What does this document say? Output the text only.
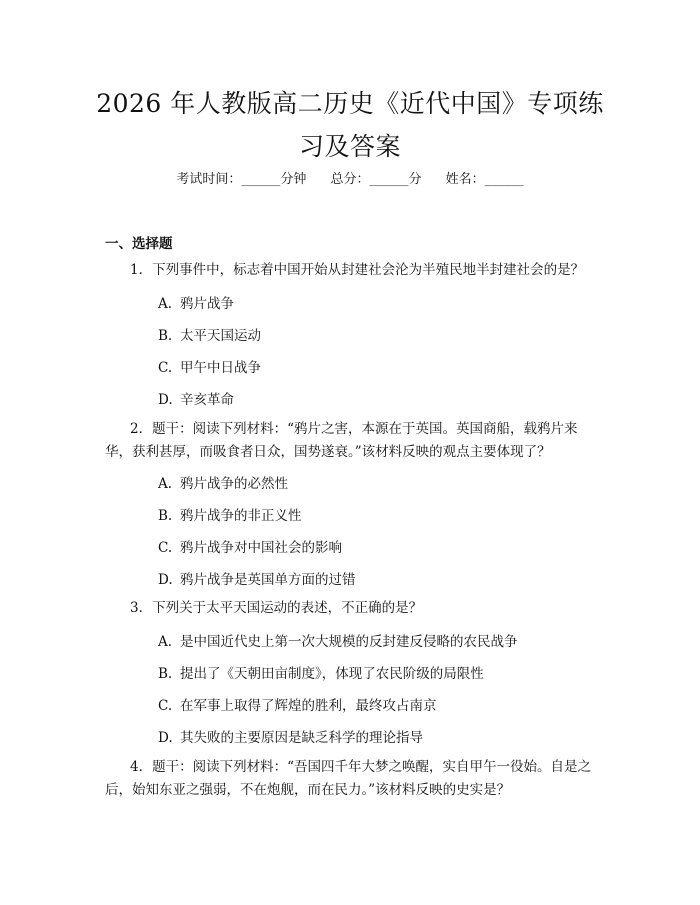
2026 年人教版高二历史《近代中国》专项练习及答案
考试时间：______分钟 总分：______分 姓名：______
一、选择题

1．下列事件中，标志着中国开始从封建社会沦为半殖民地半封建社会的是？

A. 鸦片战争
B. 太平天国运动
C. 甲午中日战争
D. 辛亥革命

2．题干：阅读下列材料：“鸦片之害，本源在于英国。英国商船，载鸦片来华，获利甚厚，而吸食者日众，国势遂衰。”该材料反映的观点主要体现了？

A. 鸦片战争的必然性
B. 鸦片战争的非正义性
C. 鸦片战争对中国社会的影响
D. 鸦片战争是英国单方面的过错

3．下列关于太平天国运动的表述，不正确的是？

A. 是中国近代史上第一次大规模的反封建反侵略的农民战争
B. 提出了《天朝田亩制度》，体现了农民阶级的局限性
C. 在军事上取得了辉煌的胜利，最终攻占南京
D. 其失败的主要原因是缺乏科学的理论指导

4．题干：阅读下列材料：“吾国四千年大梦之唤醒，实自甲午一役始。自是之后，始知东亚之强弱，不在炮舰，而在民力。”该材料反映的史实是？
